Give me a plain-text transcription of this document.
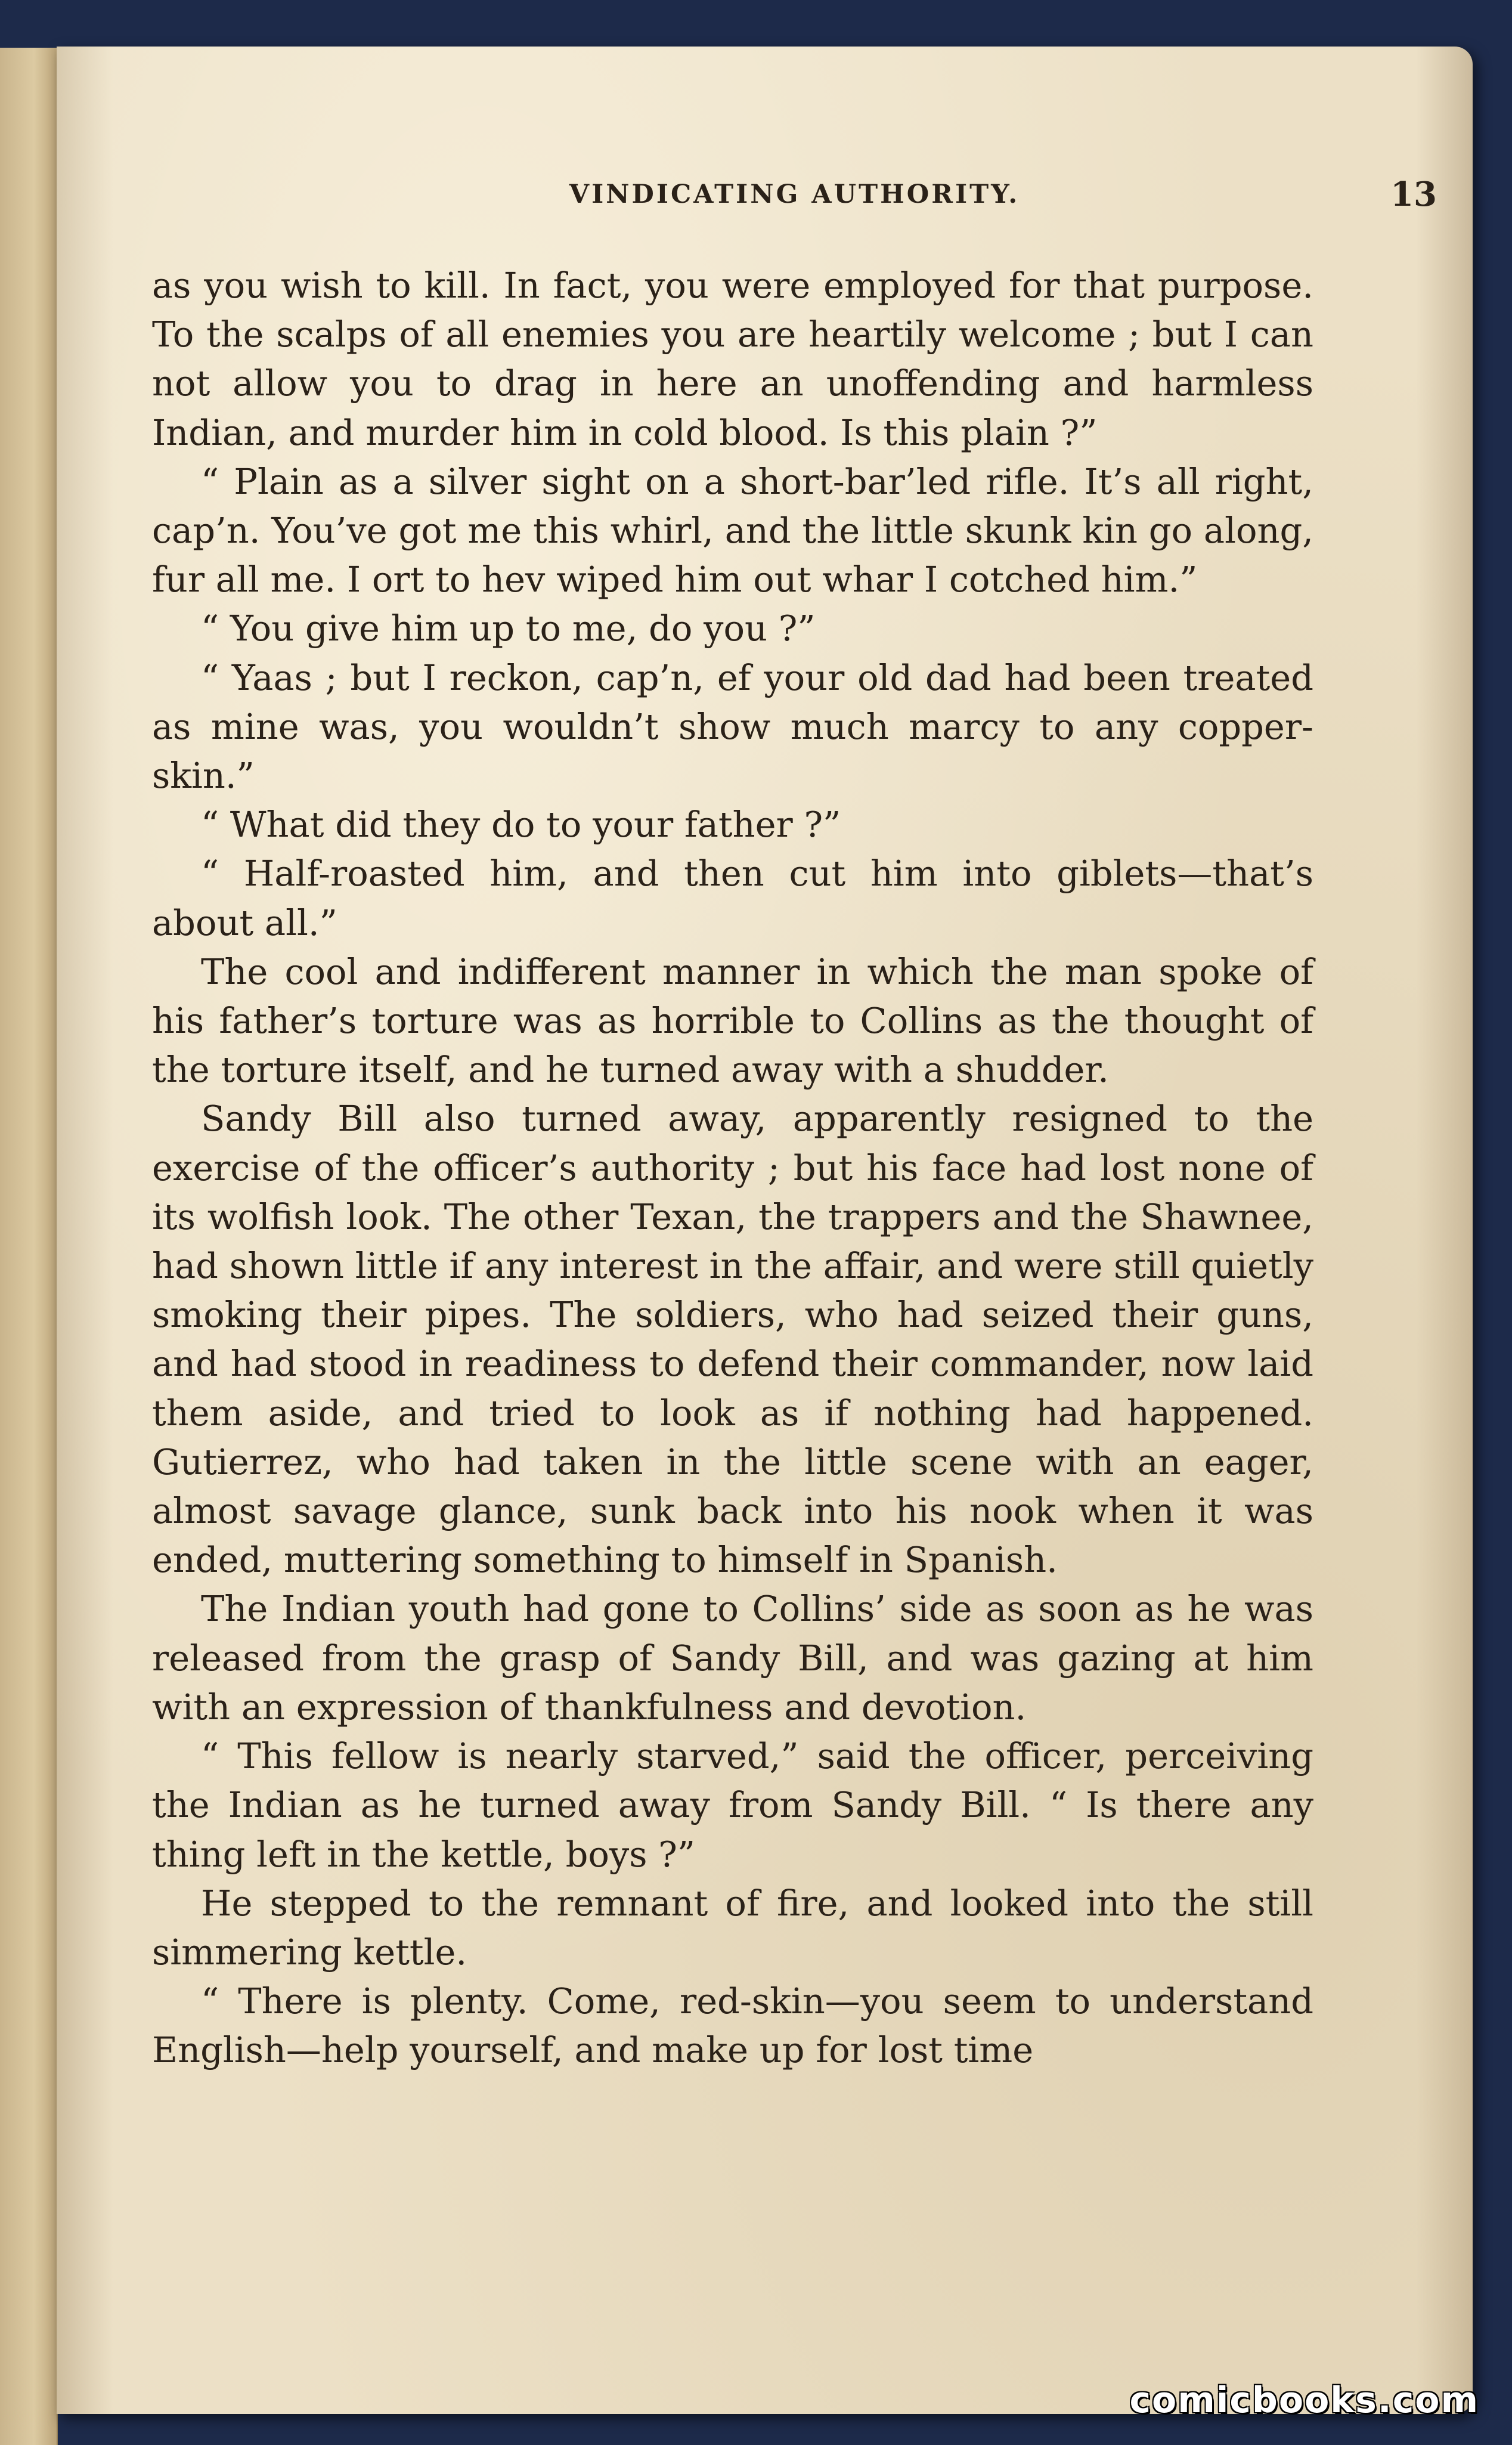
VINDICATING AUTHORITY.	13

as you wish to kill. In fact, you were employed for that purpose. To the scalps of all enemies you are heartily welcome ; but I can not allow you to drag in here an unoffending and harmless Indian, and murder him in cold blood. Is this plain ?”

“ Plain as a silver sight on a short-bar’led rifle. It’s all right, cap’n. You’ve got me this whirl, and the little skunk kin go along, fur all me. I ort to hev wiped him out whar I cotched him.”

“ You give him up to me, do you ?”

“ Yaas ; but I reckon, cap’n, ef your old dad had been treated as mine was, you wouldn’t show much marcy to any copper-skin.”

“ What did they do to your father ?”

“ Half-roasted him, and then cut him into giblets—that’s about all.”

The cool and indifferent manner in which the man spoke of his father’s torture was as horrible to Collins as the thought of the torture itself, and he turned away with a shudder.

Sandy Bill also turned away, apparently resigned to the exercise of the officer’s authority ; but his face had lost none of its wolfish look. The other Texan, the trappers and the Shawnee, had shown little if any interest in the affair, and were still quietly smoking their pipes. The soldiers, who had seized their guns, and had stood in readiness to defend their commander, now laid them aside, and tried to look as if nothing had happened. Gutierrez, who had taken in the little scene with an eager, almost savage glance, sunk back into his nook when it was ended, muttering something to himself in Spanish.

The Indian youth had gone to Collins’ side as soon as he was released from the grasp of Sandy Bill, and was gazing at him with an expression of thankfulness and devotion.

“ This fellow is nearly starved,” said the officer, perceiving the Indian as he turned away from Sandy Bill. “ Is there any thing left in the kettle, boys ?”

He stepped to the remnant of fire, and looked into the still simmering kettle.

“ There is plenty. Come, red-skin—you seem to understand English—help yourself, and make up for lost time

comicbooks.com
